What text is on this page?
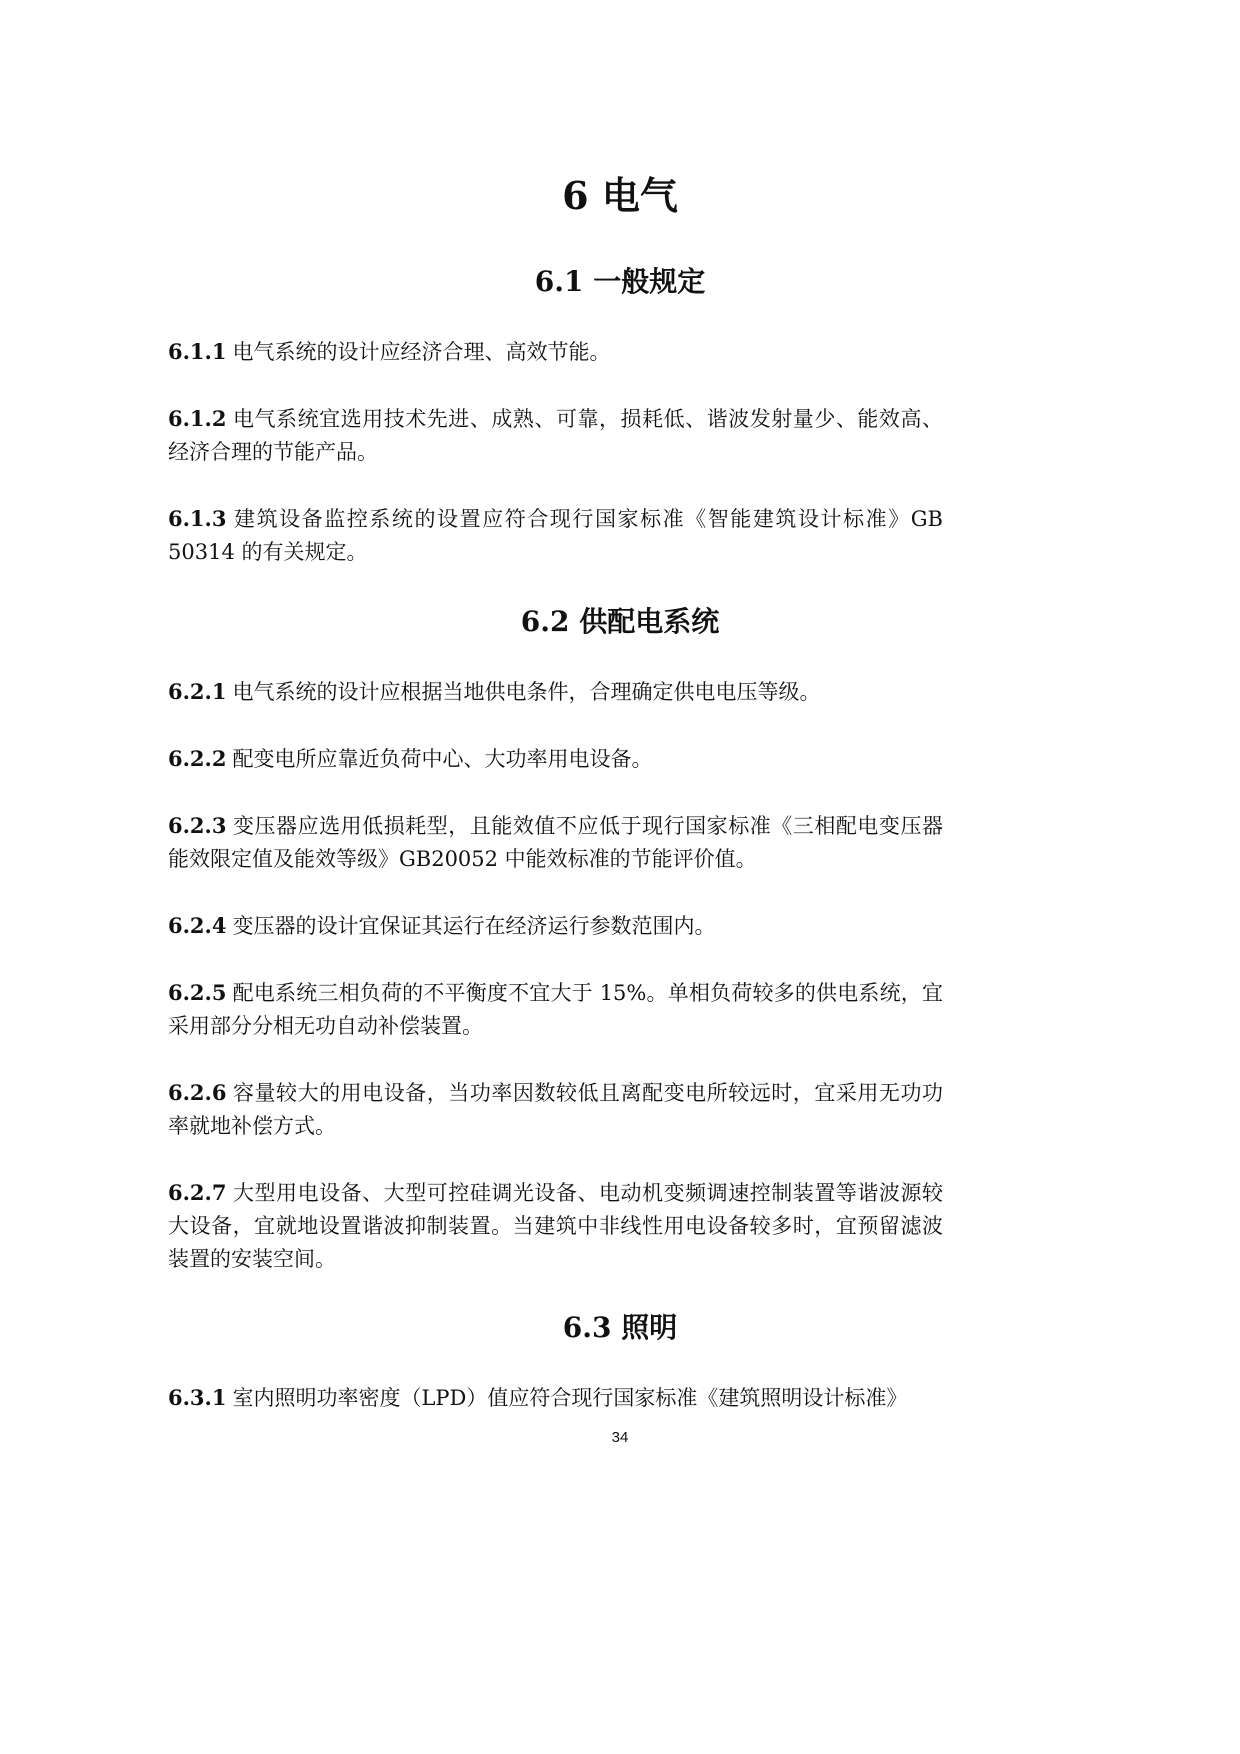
6 电气
6.1 一般规定

6.1.1 电气系统的设计应经济合理、高效节能。

6.1.2 电气系统宜选用技术先进、成熟、可靠，损耗低、谐波发射量少、能效高、经济合理的节能产品。

6.1.3 建筑设备监控系统的设置应符合现行国家标准《智能建筑设计标准》GB 50314 的有关规定。

6.2 供配电系统

6.2.1 电气系统的设计应根据当地供电条件，合理确定供电电压等级。

6.2.2 配变电所应靠近负荷中心、大功率用电设备。

6.2.3 变压器应选用低损耗型，且能效值不应低于现行国家标准《三相配电变压器能效限定值及能效等级》GB20052 中能效标准的节能评价值。

6.2.4 变压器的设计宜保证其运行在经济运行参数范围内。

6.2.5 配电系统三相负荷的不平衡度不宜大于 15%。单相负荷较多的供电系统，宜采用部分分相无功自动补偿装置。

6.2.6 容量较大的用电设备，当功率因数较低且离配变电所较远时，宜采用无功功率就地补偿方式。

6.2.7 大型用电设备、大型可控硅调光设备、电动机变频调速控制装置等谐波源较大设备，宜就地设置谐波抑制装置。当建筑中非线性用电设备较多时，宜预留滤波装置的安装空间。

6.3 照明

6.3.1 室内照明功率密度（LPD）值应符合现行国家标准《建筑照明设计标准》

34
